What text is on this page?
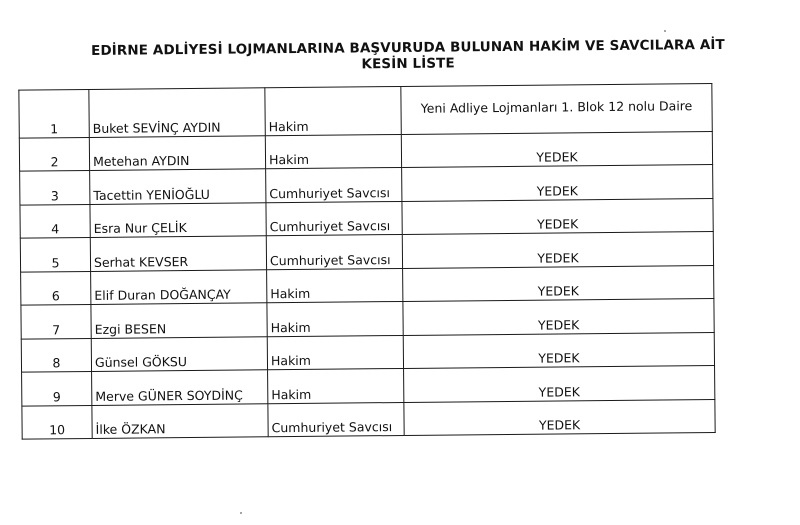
EDİRNE ADLİYESİ LOJMANLARINA BAŞVURUDA BULUNAN HAKİM VE SAVCILARA AİT KESİN LİSTE
1	Buket SEVİNÇ AYDIN	Hakim	Yeni Adliye Lojmanları 1. Blok 12 nolu Daire
2	Metehan AYDIN	Hakim	YEDEK
3	Tacettin YENİOĞLU	Cumhuriyet Savcısı	YEDEK
4	Esra Nur ÇELİK	Cumhuriyet Savcısı	YEDEK
5	Serhat KEVSER	Cumhuriyet Savcısı	YEDEK
6	Elif Duran DOĞANÇAY	Hakim	YEDEK
7	Ezgi BESEN	Hakim	YEDEK
8	Günsel GÖKSU	Hakim	YEDEK
9	Merve GÜNER SOYDİNÇ	Hakim	YEDEK
10	İlke ÖZKAN	Cumhuriyet Savcısı	YEDEK
